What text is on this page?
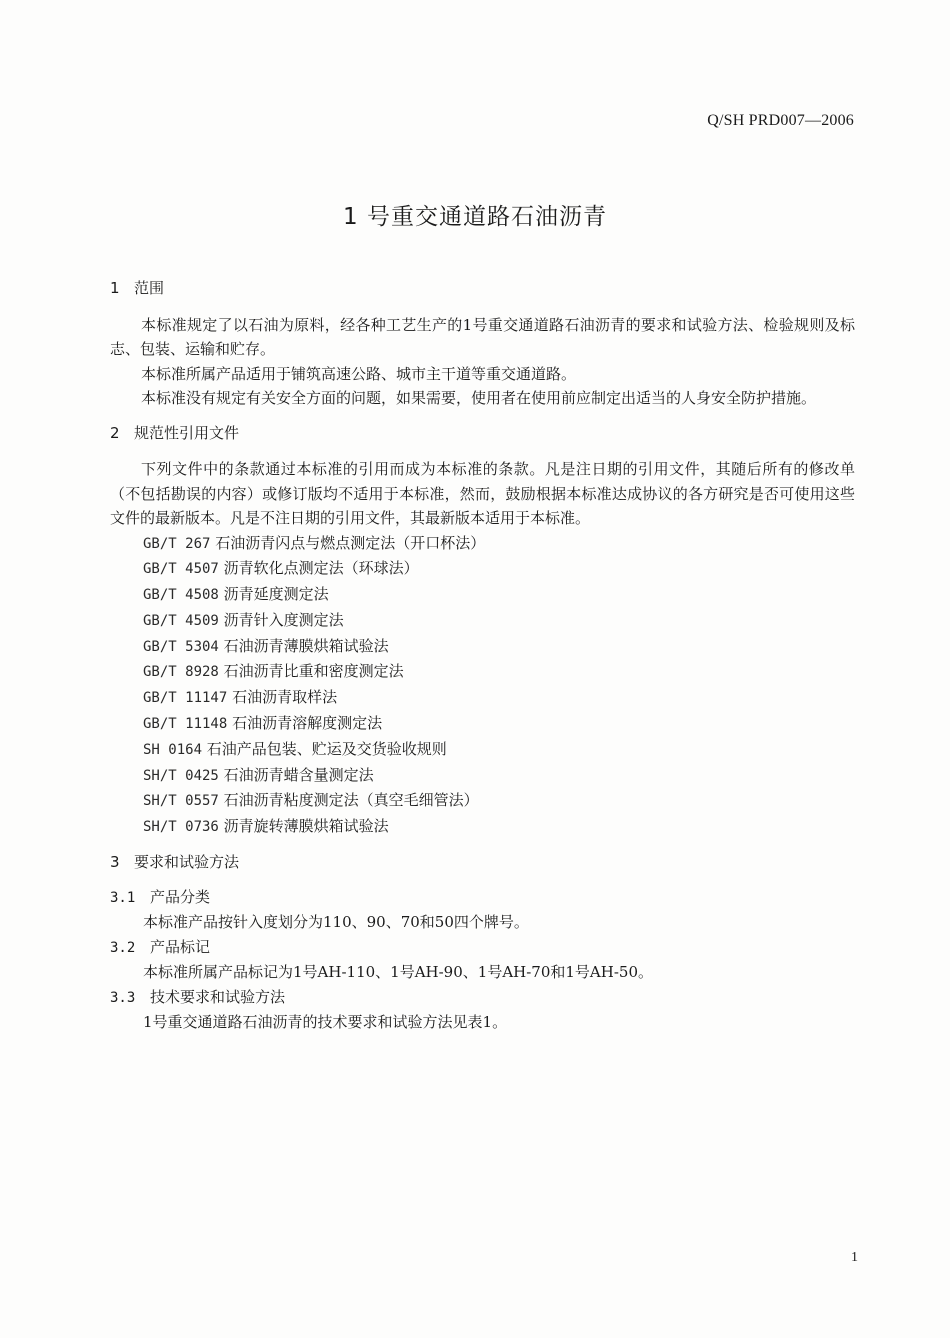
Q/SH PRD007—2006
1 号重交通道路石油沥青

1 范围

本标准规定了以石油为原料，经各种工艺生产的1号重交通道路石油沥青的要求和试验方法、检验规则及标志、包装、运输和贮存。

本标准所属产品适用于铺筑高速公路、城市主干道等重交通道路。

本标准没有规定有关安全方面的问题，如果需要，使用者在使用前应制定出适当的人身安全防护措施。

2 规范性引用文件

下列文件中的条款通过本标准的引用而成为本标准的条款。凡是注日期的引用文件，其随后所有的修改单（不包括勘误的内容）或修订版均不适用于本标准，然而，鼓励根据本标准达成协议的各方研究是否可使用这些文件的最新版本。凡是不注日期的引用文件，其最新版本适用于本标准。

GB/T 267 石油沥青闪点与燃点测定法（开口杯法）
GB/T 4507 沥青软化点测定法（环球法）
GB/T 4508 沥青延度测定法
GB/T 4509 沥青针入度测定法
GB/T 5304 石油沥青薄膜烘箱试验法
GB/T 8928 石油沥青比重和密度测定法
GB/T 11147 石油沥青取样法
GB/T 11148 石油沥青溶解度测定法
SH 0164 石油产品包装、贮运及交货验收规则
SH/T 0425 石油沥青蜡含量测定法
SH/T 0557 石油沥青粘度测定法（真空毛细管法）
SH/T 0736 沥青旋转薄膜烘箱试验法

3 要求和试验方法

3.1 产品分类

本标准产品按针入度划分为110、90、70和50四个牌号。

3.2 产品标记

本标准所属产品标记为1号AH-110、1号AH-90、1号AH-70和1号AH-50。

3.3 技术要求和试验方法

1号重交通道路石油沥青的技术要求和试验方法见表1。

1
